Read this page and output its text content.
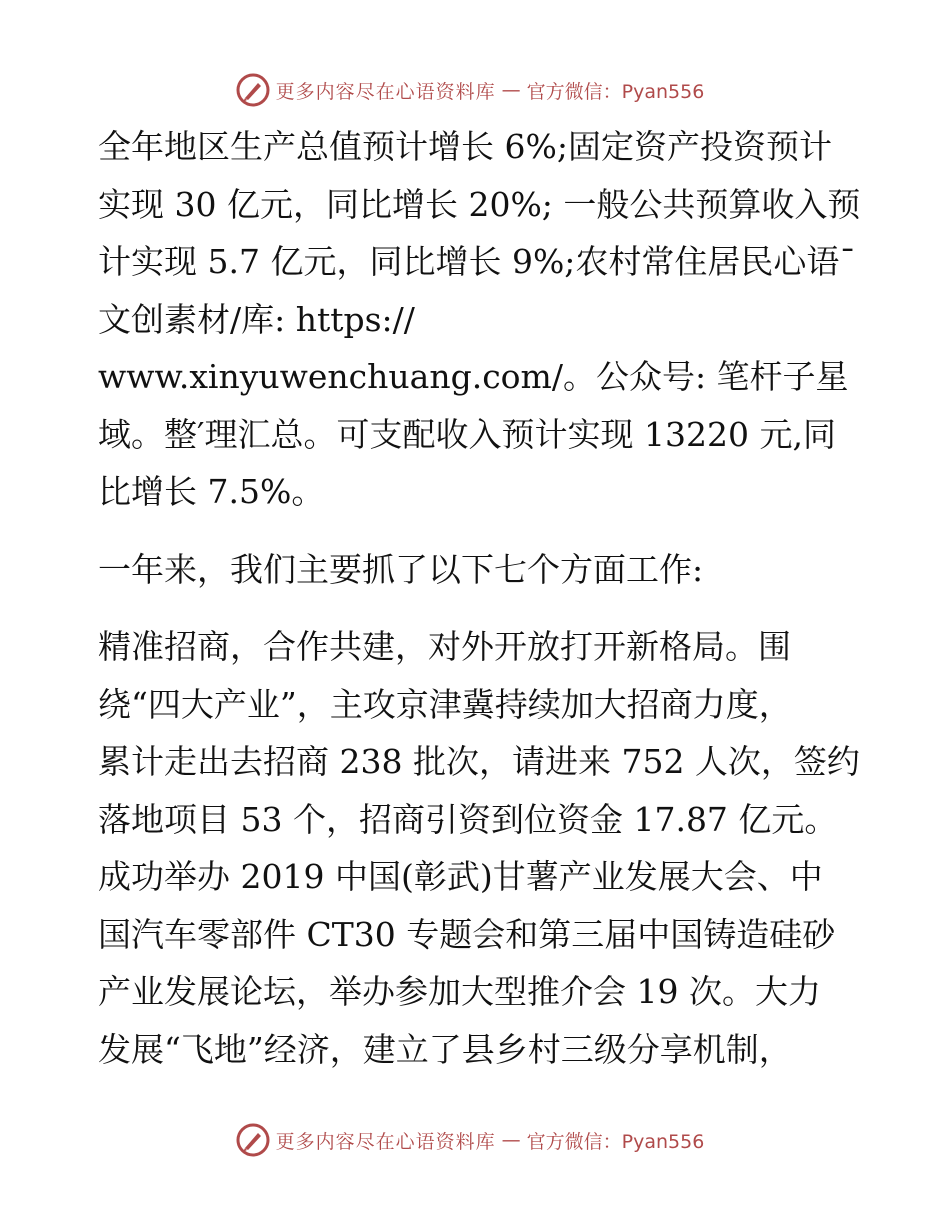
更多内容尽在心语资料库 — 官方微信：Pyan556
全年地区生产总值预计增长 6%;固定资产投资预计
实现 30 亿元，同比增长 20%; 一般公共预算收入预
计实现 5.7 亿元，同比增长 9%;农村常住居民心语¯
文创素材/库: https://
www.xinyuwenchuang.com/。公众号: 笔杆子星
域。整′理汇总。可支配收入预计实现 13220 元,同
比增长 7.5%。
一年来，我们主要抓了以下七个方面工作:
精准招商，合作共建，对外开放打开新格局。围
绕“四大产业”，主攻京津冀持续加大招商力度，
累计走出去招商 238 批次，请进来 752 人次，签约
落地项目 53 个，招商引资到位资金 17.87 亿元。
成功举办 2019 中国(彰武)甘薯产业发展大会、中
国汽车零部件 CT30 专题会和第三届中国铸造硅砂
产业发展论坛，举办参加大型推介会 19 次。大力
发展“飞地”经济，建立了县乡村三级分享机制，
更多内容尽在心语资料库 — 官方微信：Pyan556
